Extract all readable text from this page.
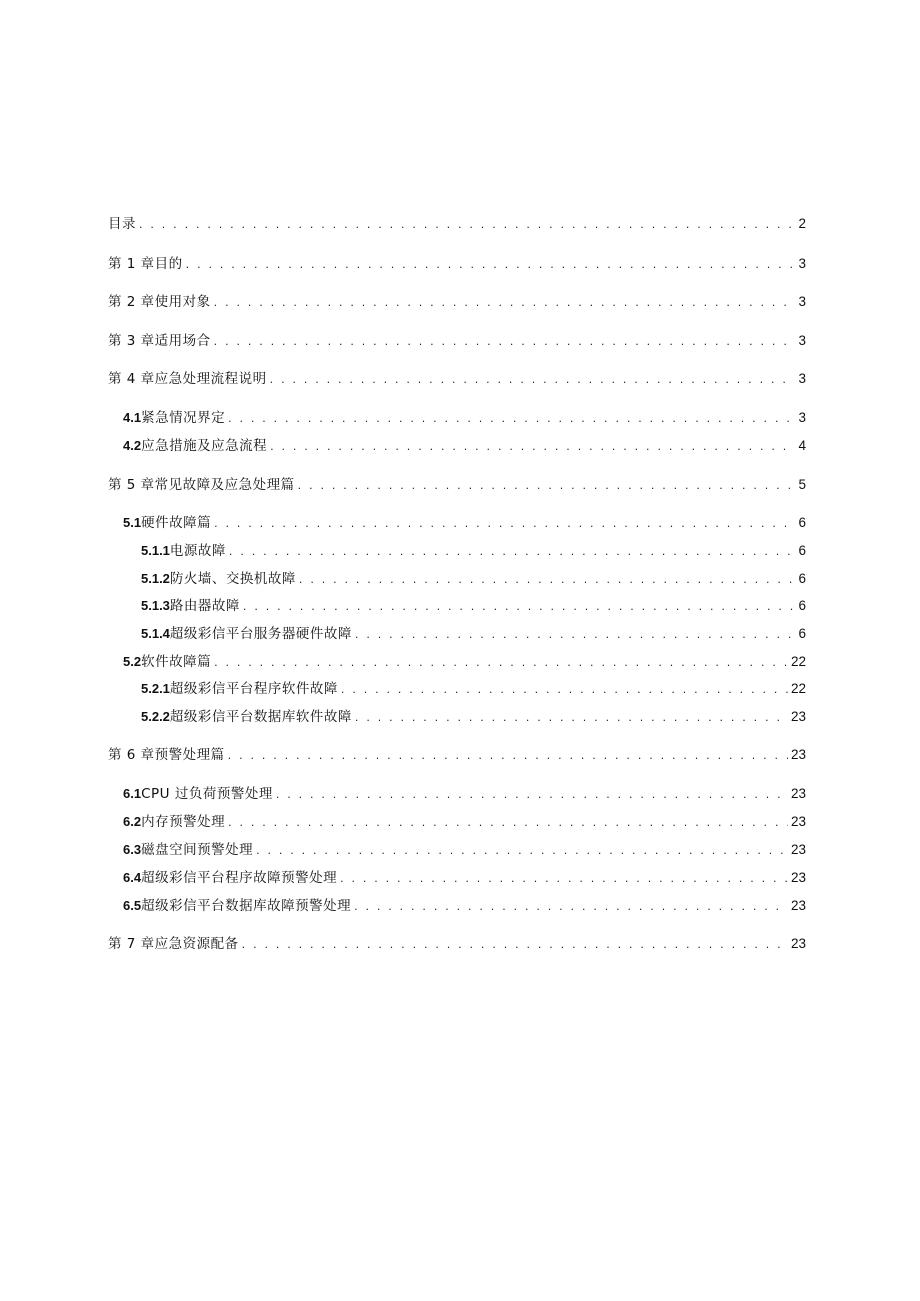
目录 . . .	2
第 1 章目的 . . .	3
第 2 章使用对象 . . .	3
第 3 章适用场合 . . .	3
第 4 章应急处理流程说明 . . .	3
4.1 紧急情况界定 . . .	3
4.2 应急措施及应急流程 . . .	4
第 5 章常见故障及应急处理篇 . . .	5
5.1 硬件故障篇 . . .	6
5.1.1 电源故障 . . .	6
5.1.2 防火墙、交换机故障 . . .	6
5.1.3 路由器故障 . . .	6
5.1.4 超级彩信平台服务器硬件故障 . . .	6
5.2 软件故障篇 . . .	22
5.2.1 超级彩信平台程序软件故障 . . .	22
5.2.2 超级彩信平台数据库软件故障 . . .	23
第 6 章预警处理篇 . . .	23
6.1 CPU 过负荷预警处理 . . .	23
6.2 内存预警处理 . . .	23
6.3 磁盘空间预警处理 . . .	23
6.4 超级彩信平台程序故障预警处理 . . .	23
6.5 超级彩信平台数据库故障预警处理 . . .	23
第 7 章应急资源配备 . . .	23
